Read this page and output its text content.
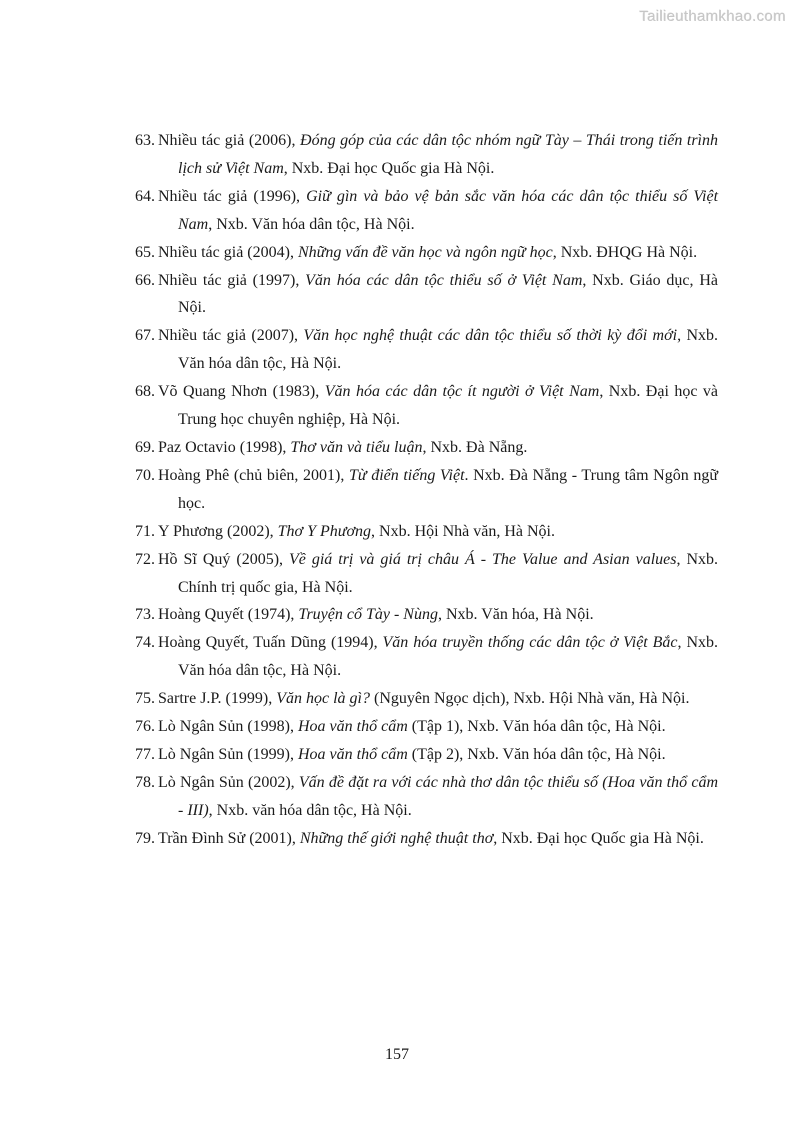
Tailieuthamkhao.com

63. Nhiều tác giả (2006), Đóng góp của các dân tộc nhóm ngữ Tày – Thái trong tiến trình lịch sử Việt Nam, Nxb. Đại học Quốc gia Hà Nội.

64. Nhiều tác giả (1996), Giữ gìn và bảo vệ bản sắc văn hóa các dân tộc thiểu số Việt Nam, Nxb. Văn hóa dân tộc, Hà Nội.

65. Nhiều tác giả (2004), Những vấn đề văn học và ngôn ngữ học, Nxb. ĐHQG Hà Nội.

66. Nhiều tác giả (1997), Văn hóa các dân tộc thiểu số ở Việt Nam, Nxb. Giáo dục, Hà Nội.

67. Nhiều tác giả (2007), Văn học nghệ thuật các dân tộc thiểu số thời kỳ đổi mới, Nxb. Văn hóa dân tộc, Hà Nội.

68. Võ Quang Nhơn (1983), Văn hóa các dân tộc ít người ở Việt Nam, Nxb. Đại học và Trung học chuyên nghiệp, Hà Nội.

69. Paz Octavio (1998), Thơ văn và tiểu luận, Nxb. Đà Nẵng.

70. Hoàng Phê (chủ biên, 2001), Từ điển tiếng Việt. Nxb. Đà Nẵng - Trung tâm Ngôn ngữ học.

71. Y Phương (2002), Thơ Y Phương, Nxb. Hội Nhà văn, Hà Nội.

72. Hồ Sĩ Quý (2005), Về giá trị và giá trị châu Á - The Value and Asian values, Nxb. Chính trị quốc gia, Hà Nội.

73. Hoàng Quyết (1974), Truyện cổ Tày - Nùng, Nxb. Văn hóa, Hà Nội.

74. Hoàng Quyết, Tuấn Dũng (1994), Văn hóa truyền thống các dân tộc ở Việt Bắc, Nxb. Văn hóa dân tộc, Hà Nội.

75. Sartre J.P. (1999), Văn học là gì? (Nguyên Ngọc dịch), Nxb. Hội Nhà văn, Hà Nội.

76. Lò Ngân Sủn (1998), Hoa văn thổ cẩm (Tập 1), Nxb. Văn hóa dân tộc, Hà Nội.

77. Lò Ngân Sủn (1999), Hoa văn thổ cẩm (Tập 2), Nxb. Văn hóa dân tộc, Hà Nội.

78. Lò Ngân Sủn (2002), Vấn đề đặt ra với các nhà thơ dân tộc thiểu số (Hoa văn thổ cẩm - III), Nxb. văn hóa dân tộc, Hà Nội.

79. Trần Đình Sử (2001), Những thế giới nghệ thuật thơ, Nxb. Đại học Quốc gia Hà Nội.

157
